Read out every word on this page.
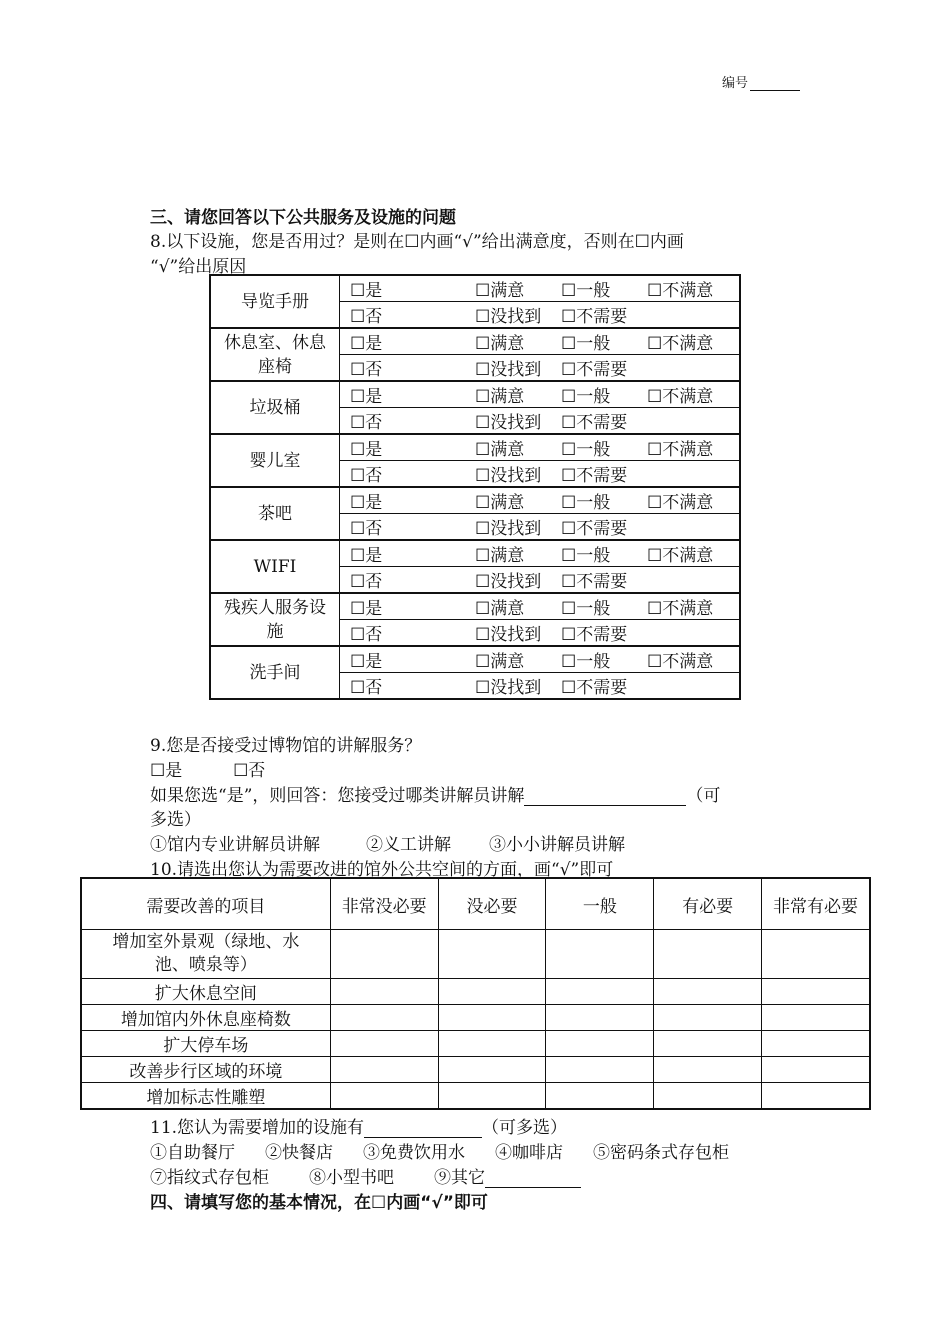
编号
三、请您回答以下公共服务及设施的问题
8.以下设施，您是否用过？是则在☐内画“√”给出满意度，否则在☐内画
“√”给出原因
导览手册	☐是 ☐满意 ☐一般 ☐不满意
	☐否 ☐没找到 ☐不需要
休息室、休息座椅	☐是 ☐满意 ☐一般 ☐不满意
	☐否 ☐没找到 ☐不需要
垃圾桶	☐是 ☐满意 ☐一般 ☐不满意
	☐否 ☐没找到 ☐不需要
婴儿室	☐是 ☐满意 ☐一般 ☐不满意
	☐否 ☐没找到 ☐不需要
茶吧	☐是 ☐满意 ☐一般 ☐不满意
	☐否 ☐没找到 ☐不需要
WIFI	☐是 ☐满意 ☐一般 ☐不满意
	☐否 ☐没找到 ☐不需要
残疾人服务设施	☐是 ☐满意 ☐一般 ☐不满意
	☐否 ☐没找到 ☐不需要
洗手间	☐是 ☐满意 ☐一般 ☐不满意
	☐否 ☐没找到 ☐不需要
9.您是否接受过博物馆的讲解服务？
☐是	☐否
如果您选“是”，则回答：您接受过哪类讲解员讲解	（可
多选）
①馆内专业讲解员讲解	②义工讲解 ③小小讲解员讲解
10.请选出您认为需要改进的馆外公共空间的方面，画“√”即可
需要改善的项目	非常没必要	没必要	一般	有必要	非常有必要
增加室外景观（绿地、水池、喷泉等）					
扩大休息空间					
增加馆内外休息座椅数					
扩大停车场					
改善步行区域的环境					
增加标志性雕塑					
11.您认为需要增加的设施有	（可多选）
①自助餐厅 ②快餐店 ③免费饮用水 ④咖啡店 ⑤密码条式存包柜
⑦指纹式存包柜 ⑧小型书吧 ⑨其它
四、请填写您的基本情况，在☐内画“√”即可
